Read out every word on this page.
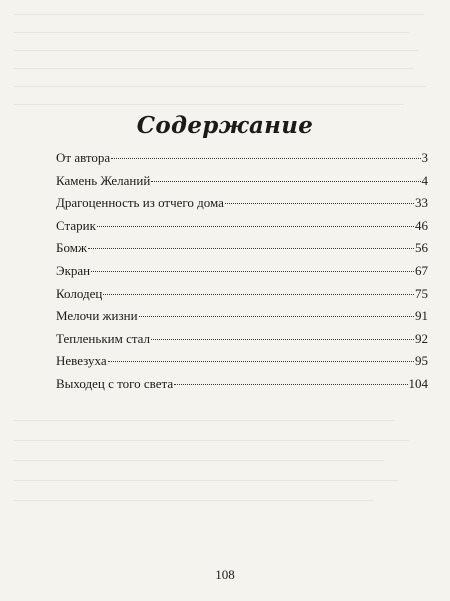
Содержание
От автора	3
Камень Желаний	4
Драгоценность из отчего дома	33
Старик	46
Бомж	56
Экран	67
Колодец	75
Мелочи жизни	91
Тепленьким стал	92
Невезуха	95
Выходец с того света	104
108
